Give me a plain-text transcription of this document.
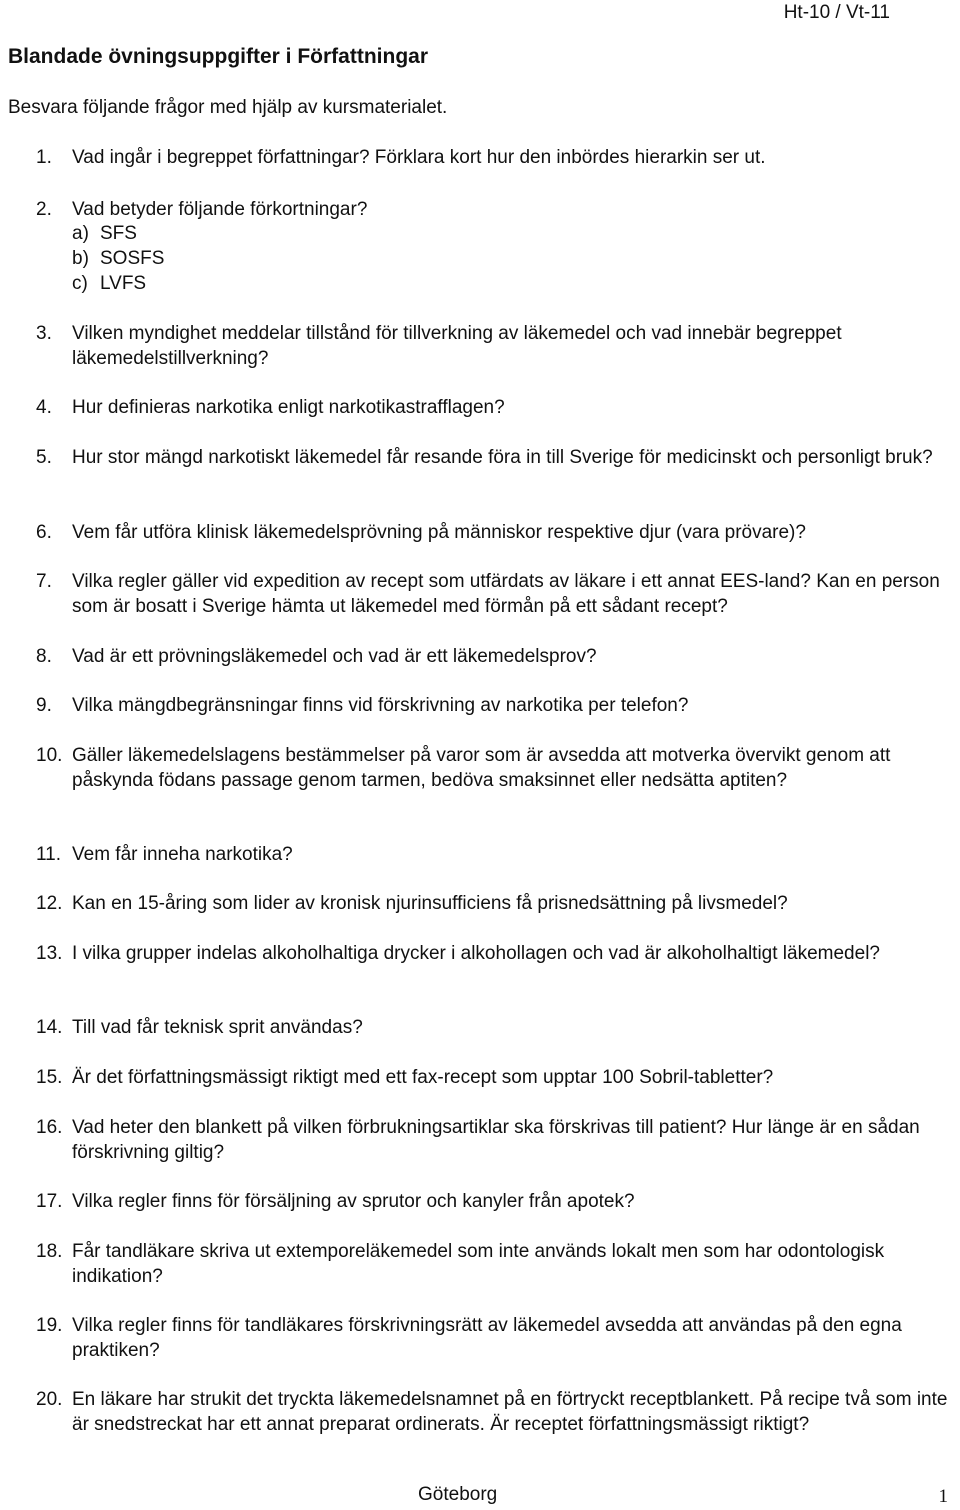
Ht-10 / Vt-11
Blandade övningsuppgifter i Författningar
Besvara följande frågor med hjälp av kursmaterialet.
1. Vad ingår i begreppet författningar? Förklara kort hur den inbördes hierarkin ser ut.
2. Vad betyder följande förkortningar?
a) SFS
b) SOSFS
c) LVFS
3. Vilken myndighet meddelar tillstånd för tillverkning av läkemedel och vad innebär begreppet läkemedelstillverkning?
4. Hur definieras narkotika enligt narkotikastrafflagen?
5. Hur stor mängd narkotiskt läkemedel får resande föra in till Sverige för medicinskt och personligt bruk?
6. Vem får utföra klinisk läkemedelsprövning på människor respektive djur (vara prövare)?
7. Vilka regler gäller vid expedition av recept som utfärdats av läkare i ett annat EES-land? Kan en person som är bosatt i Sverige hämta ut läkemedel med förmån på ett sådant recept?
8. Vad är ett prövningsläkemedel och vad är ett läkemedelsprov?
9. Vilka mängdbegränsningar finns vid förskrivning av narkotika per telefon?
10. Gäller läkemedelslagens bestämmelser på varor som är avsedda att motverka övervikt genom att påskynda födans passage genom tarmen, bedöva smaksinnet eller nedsätta aptiten?
11. Vem får inneha narkotika?
12. Kan en 15-åring som lider av kronisk njurinsufficiens få prisnedsättning på livsmedel?
13. I vilka grupper indelas alkoholhaltiga drycker i alkohollagen och vad är alkoholhaltigt läkemedel?
14. Till vad får teknisk sprit användas?
15. Är det författningsmässigt riktigt med ett fax-recept som upptar 100 Sobril-tabletter?
16. Vad heter den blankett på vilken förbrukningsartiklar ska förskrivas till patient? Hur länge är en sådan förskrivning giltig?
17. Vilka regler finns för försäljning av sprutor och kanyler från apotek?
18. Får tandläkare skriva ut extemporeläkemedel som inte används lokalt men som har odontologisk indikation?
19. Vilka regler finns för tandläkares förskrivningsrätt av läkemedel avsedda att användas på den egna praktiken?
20. En läkare har strukit det tryckta läkemedelsnamnet på en förtryckt receptblankett. På recipe två som inte är snedstreckat har ett annat preparat ordinerats. Är receptet författningsmässigt riktigt?
Göteborg	1
